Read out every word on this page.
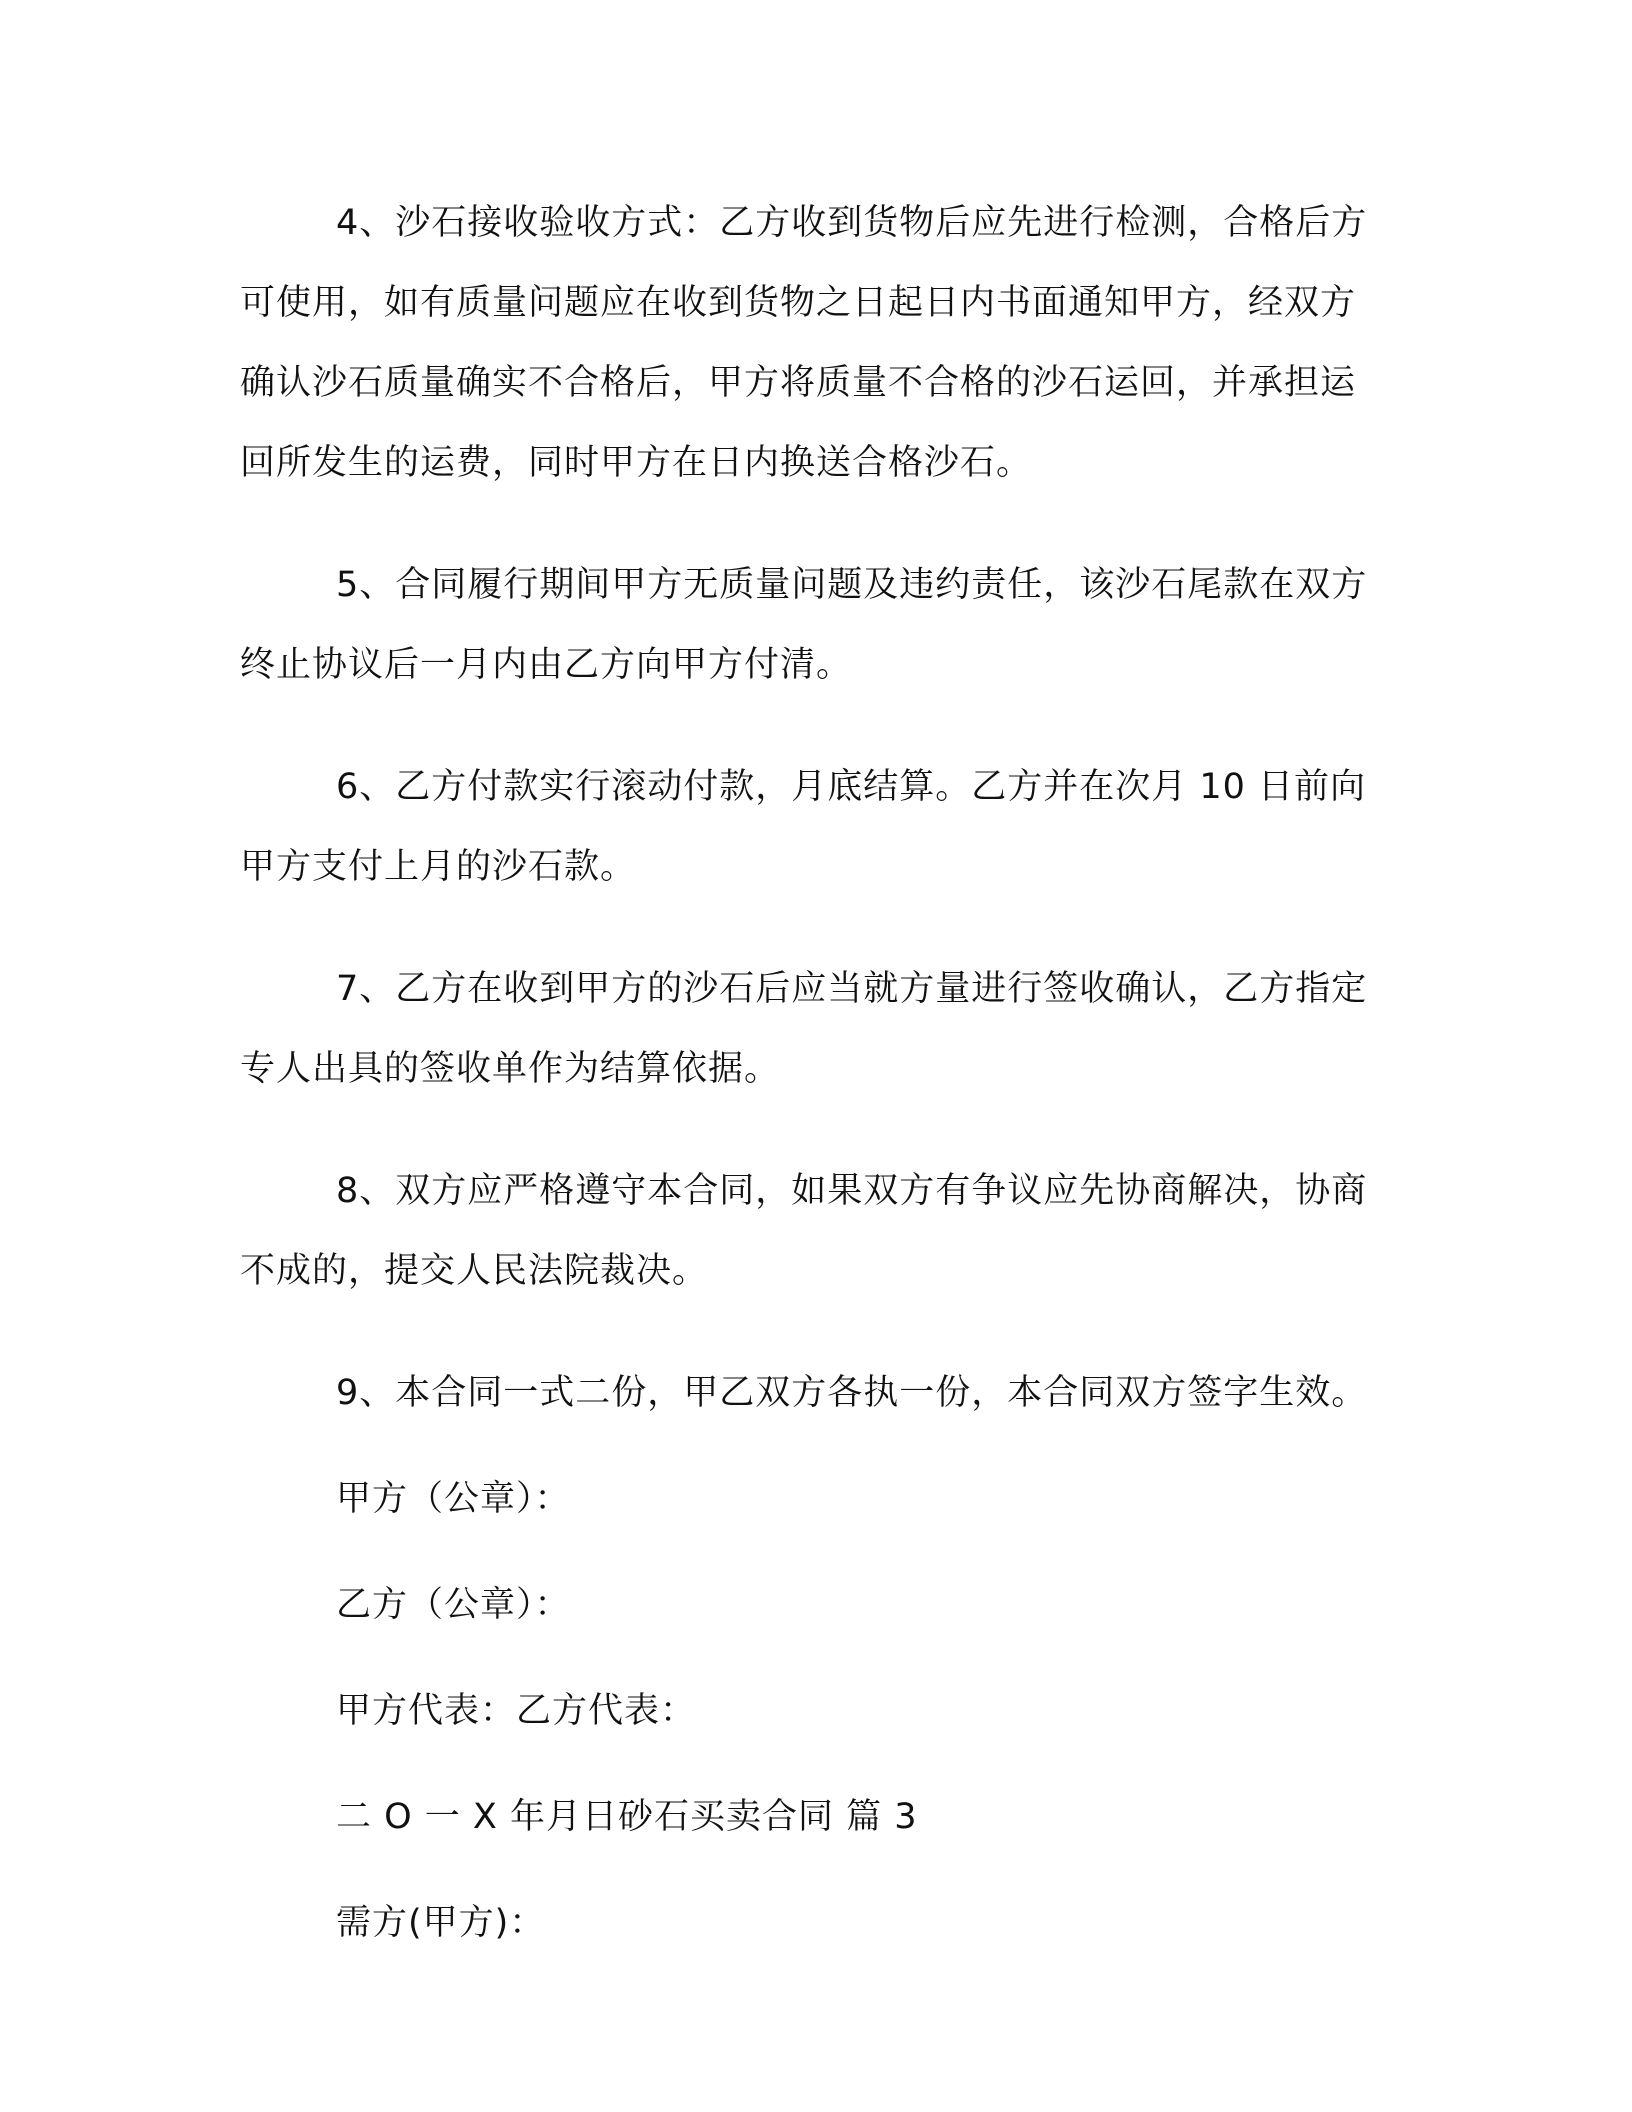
4、沙石接收验收方式：乙方收到货物后应先进行检测，合格后方可使用，如有质量问题应在收到货物之日起日内书面通知甲方，经双方确认沙石质量确实不合格后，甲方将质量不合格的沙石运回，并承担运回所发生的运费，同时甲方在日内换送合格沙石。

5、合同履行期间甲方无质量问题及违约责任，该沙石尾款在双方终止协议后一月内由乙方向甲方付清。

6、乙方付款实行滚动付款，月底结算。乙方并在次月 10 日前向甲方支付上月的沙石款。

7、乙方在收到甲方的沙石后应当就方量进行签收确认，乙方指定专人出具的签收单作为结算依据。

8、双方应严格遵守本合同，如果双方有争议应先协商解决，协商不成的，提交人民法院裁决。

9、本合同一式二份，甲乙双方各执一份，本合同双方签字生效。

甲方（公章）：

乙方（公章）：

甲方代表：乙方代表：

二 O 一 X 年月日砂石买卖合同 篇 3

需方(甲方)：
